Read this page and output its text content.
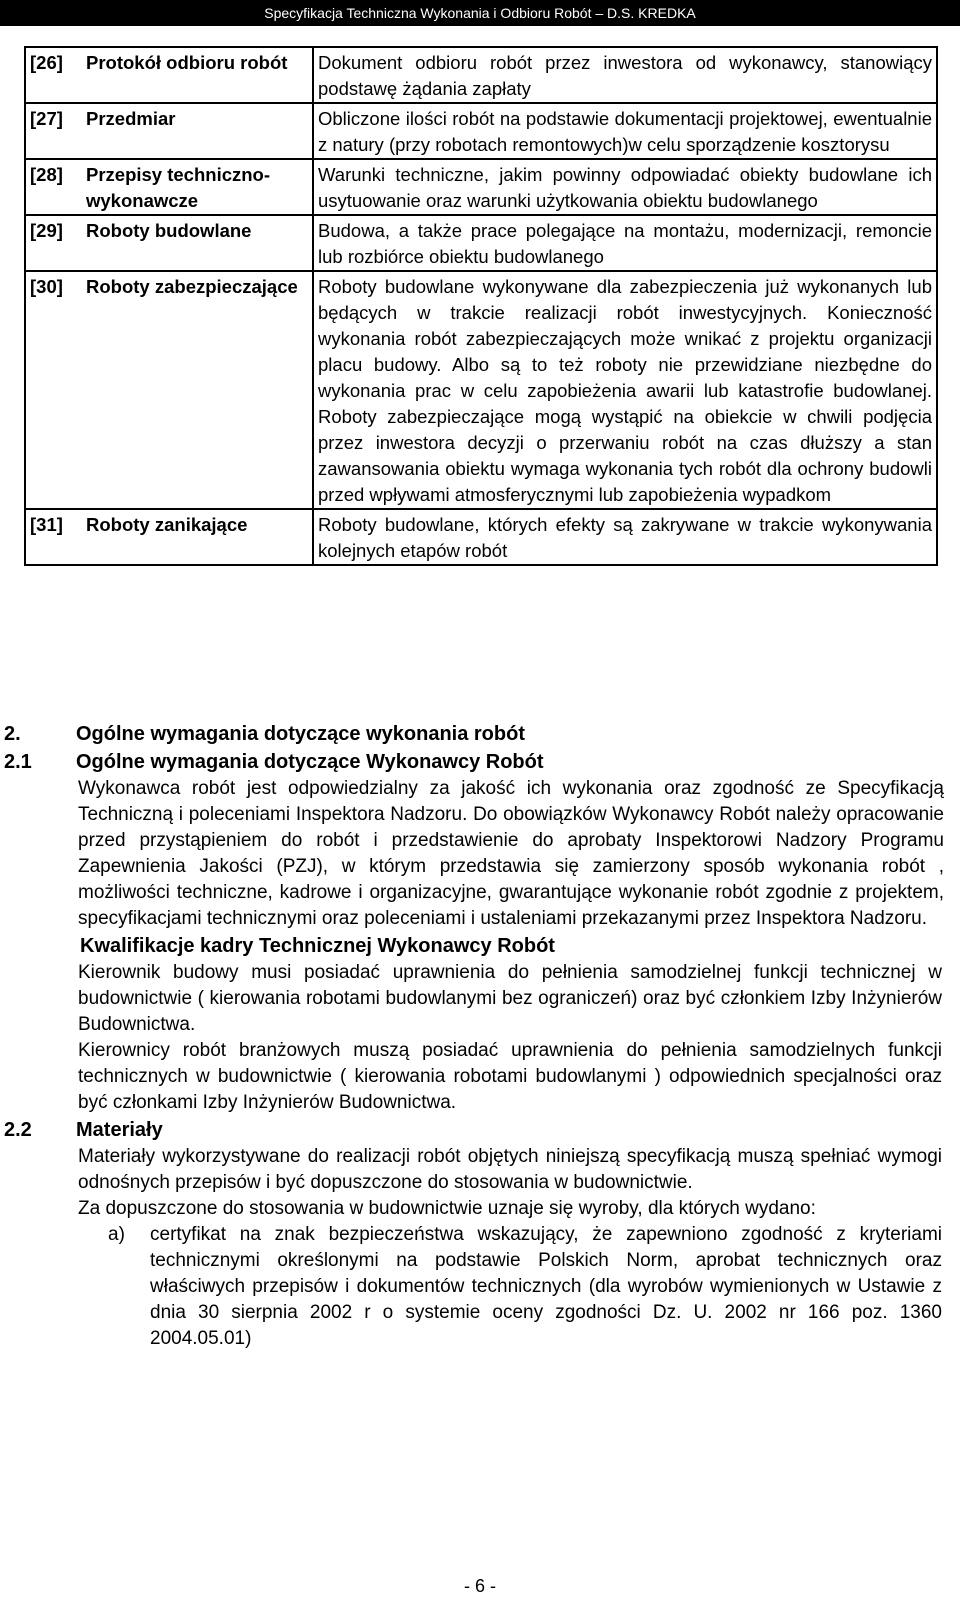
Specyfikacja Techniczna Wykonania i Odbioru Robót – D.S. KREDKA
[26]	Protokół odbioru robót	Dokument odbioru robót przez inwestora od wykonawcy, stanowiący podstawę żądania zapłaty
[27]	Przedmiar	Obliczone ilości robót na podstawie dokumentacji projektowej, ewentualnie z natury (przy robotach remontowych)w celu sporządzenie kosztorysu
[28]	Przepisy techniczno-wykonawcze	Warunki techniczne, jakim powinny odpowiadać obiekty budowlane ich usytuowanie oraz warunki użytkowania obiektu budowlanego
[29]	Roboty budowlane	Budowa, a także prace polegające na montażu, modernizacji, remoncie lub rozbiórce obiektu budowlanego
[30]	Roboty zabezpieczające	Roboty budowlane wykonywane dla zabezpieczenia już wykonanych lub będących w trakcie realizacji robót inwestycyjnych. Konieczność wykonania robót zabezpieczających może wnikać z projektu organizacji placu budowy. Albo są to też roboty nie przewidziane niezbędne do wykonania prac w celu zapobieżenia awarii lub katastrofie budowlanej. Roboty zabezpieczające mogą wystąpić na obiekcie w chwili podjęcia przez inwestora decyzji o przerwaniu robót na czas dłuższy a stan zawansowania obiektu wymaga wykonania tych robót dla ochrony budowli przed wpływami atmosferycznymi lub zapobieżenia wypadkom
[31]	Roboty zanikające	Roboty budowlane, których efekty są zakrywane w trakcie wykonywania kolejnych etapów robót
2.	Ogólne wymagania dotyczące wykonania robót
2.1 Ogólne wymagania dotyczące Wykonawcy Robót
Wykonawca robót jest odpowiedzialny za jakość ich wykonania oraz zgodność ze Specyfikacją Techniczną i poleceniami Inspektora Nadzoru. Do obowiązków Wykonawcy Robót należy opracowanie przed przystąpieniem do robót i przedstawienie do aprobaty Inspektorowi Nadzory Programu Zapewnienia Jakości (PZJ), w którym przedstawia się zamierzony sposób wykonania robót , możliwości techniczne, kadrowe i organizacyjne, gwarantujące wykonanie robót zgodnie z projektem, specyfikacjami technicznymi oraz poleceniami i ustaleniami przekazanymi przez Inspektora Nadzoru.
Kwalifikacje kadry Technicznej Wykonawcy Robót
Kierownik budowy musi posiadać uprawnienia do pełnienia samodzielnej funkcji technicznej w budownictwie ( kierowania robotami budowlanymi bez ograniczeń) oraz być członkiem Izby Inżynierów Budownictwa.
Kierownicy robót branżowych muszą posiadać uprawnienia do pełnienia samodzielnych funkcji technicznych w budownictwie ( kierowania robotami budowlanymi ) odpowiednich specjalności oraz być członkami Izby Inżynierów Budownictwa.
2.2 Materiały
Materiały wykorzystywane do realizacji robót objętych niniejszą specyfikacją muszą spełniać wymogi odnośnych przepisów i być dopuszczone do stosowania w budownictwie.
Za dopuszczone do stosowania w budownictwie uznaje się wyroby, dla których wydano:
a) certyfikat na znak bezpieczeństwa wskazujący, że zapewniono zgodność z kryteriami technicznymi określonymi na podstawie Polskich Norm, aprobat technicznych oraz właściwych przepisów i dokumentów technicznych (dla wyrobów wymienionych w Ustawie z dnia 30 sierpnia 2002 r o systemie oceny zgodności Dz. U. 2002 nr 166 poz. 1360 2004.05.01)
- 6 -
